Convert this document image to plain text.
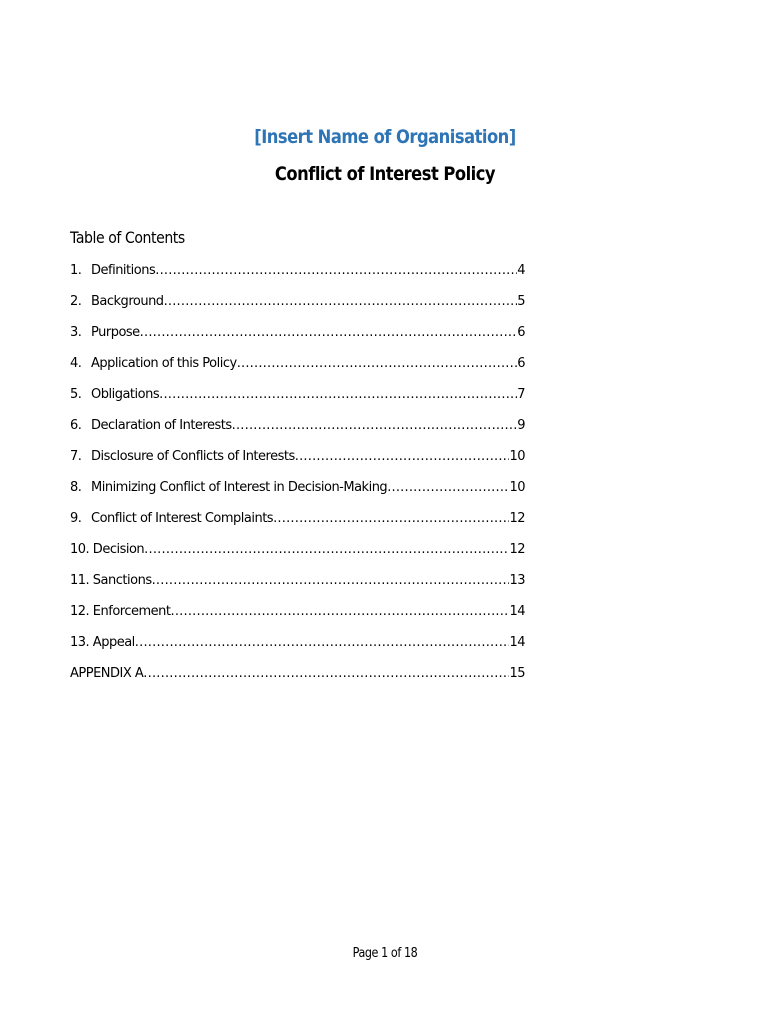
[Insert Name of Organisation]
Conflict of Interest Policy
Table of Contents
1. Definitions .....	4
2. Background .....	5
3. Purpose .....	6
4. Application of this Policy .....	6
5. Obligations .....	7
6. Declaration of Interests .....	9
7. Disclosure of Conflicts of Interests .....	10
8. Minimizing Conflict of Interest in Decision-Making .....	10
9. Conflict of Interest Complaints .....	12
10. Decision .....	12
11. Sanctions .....	13
12. Enforcement .....	14
13. Appeal .....	14
APPENDIX A .....	15
Page 1 of 18
